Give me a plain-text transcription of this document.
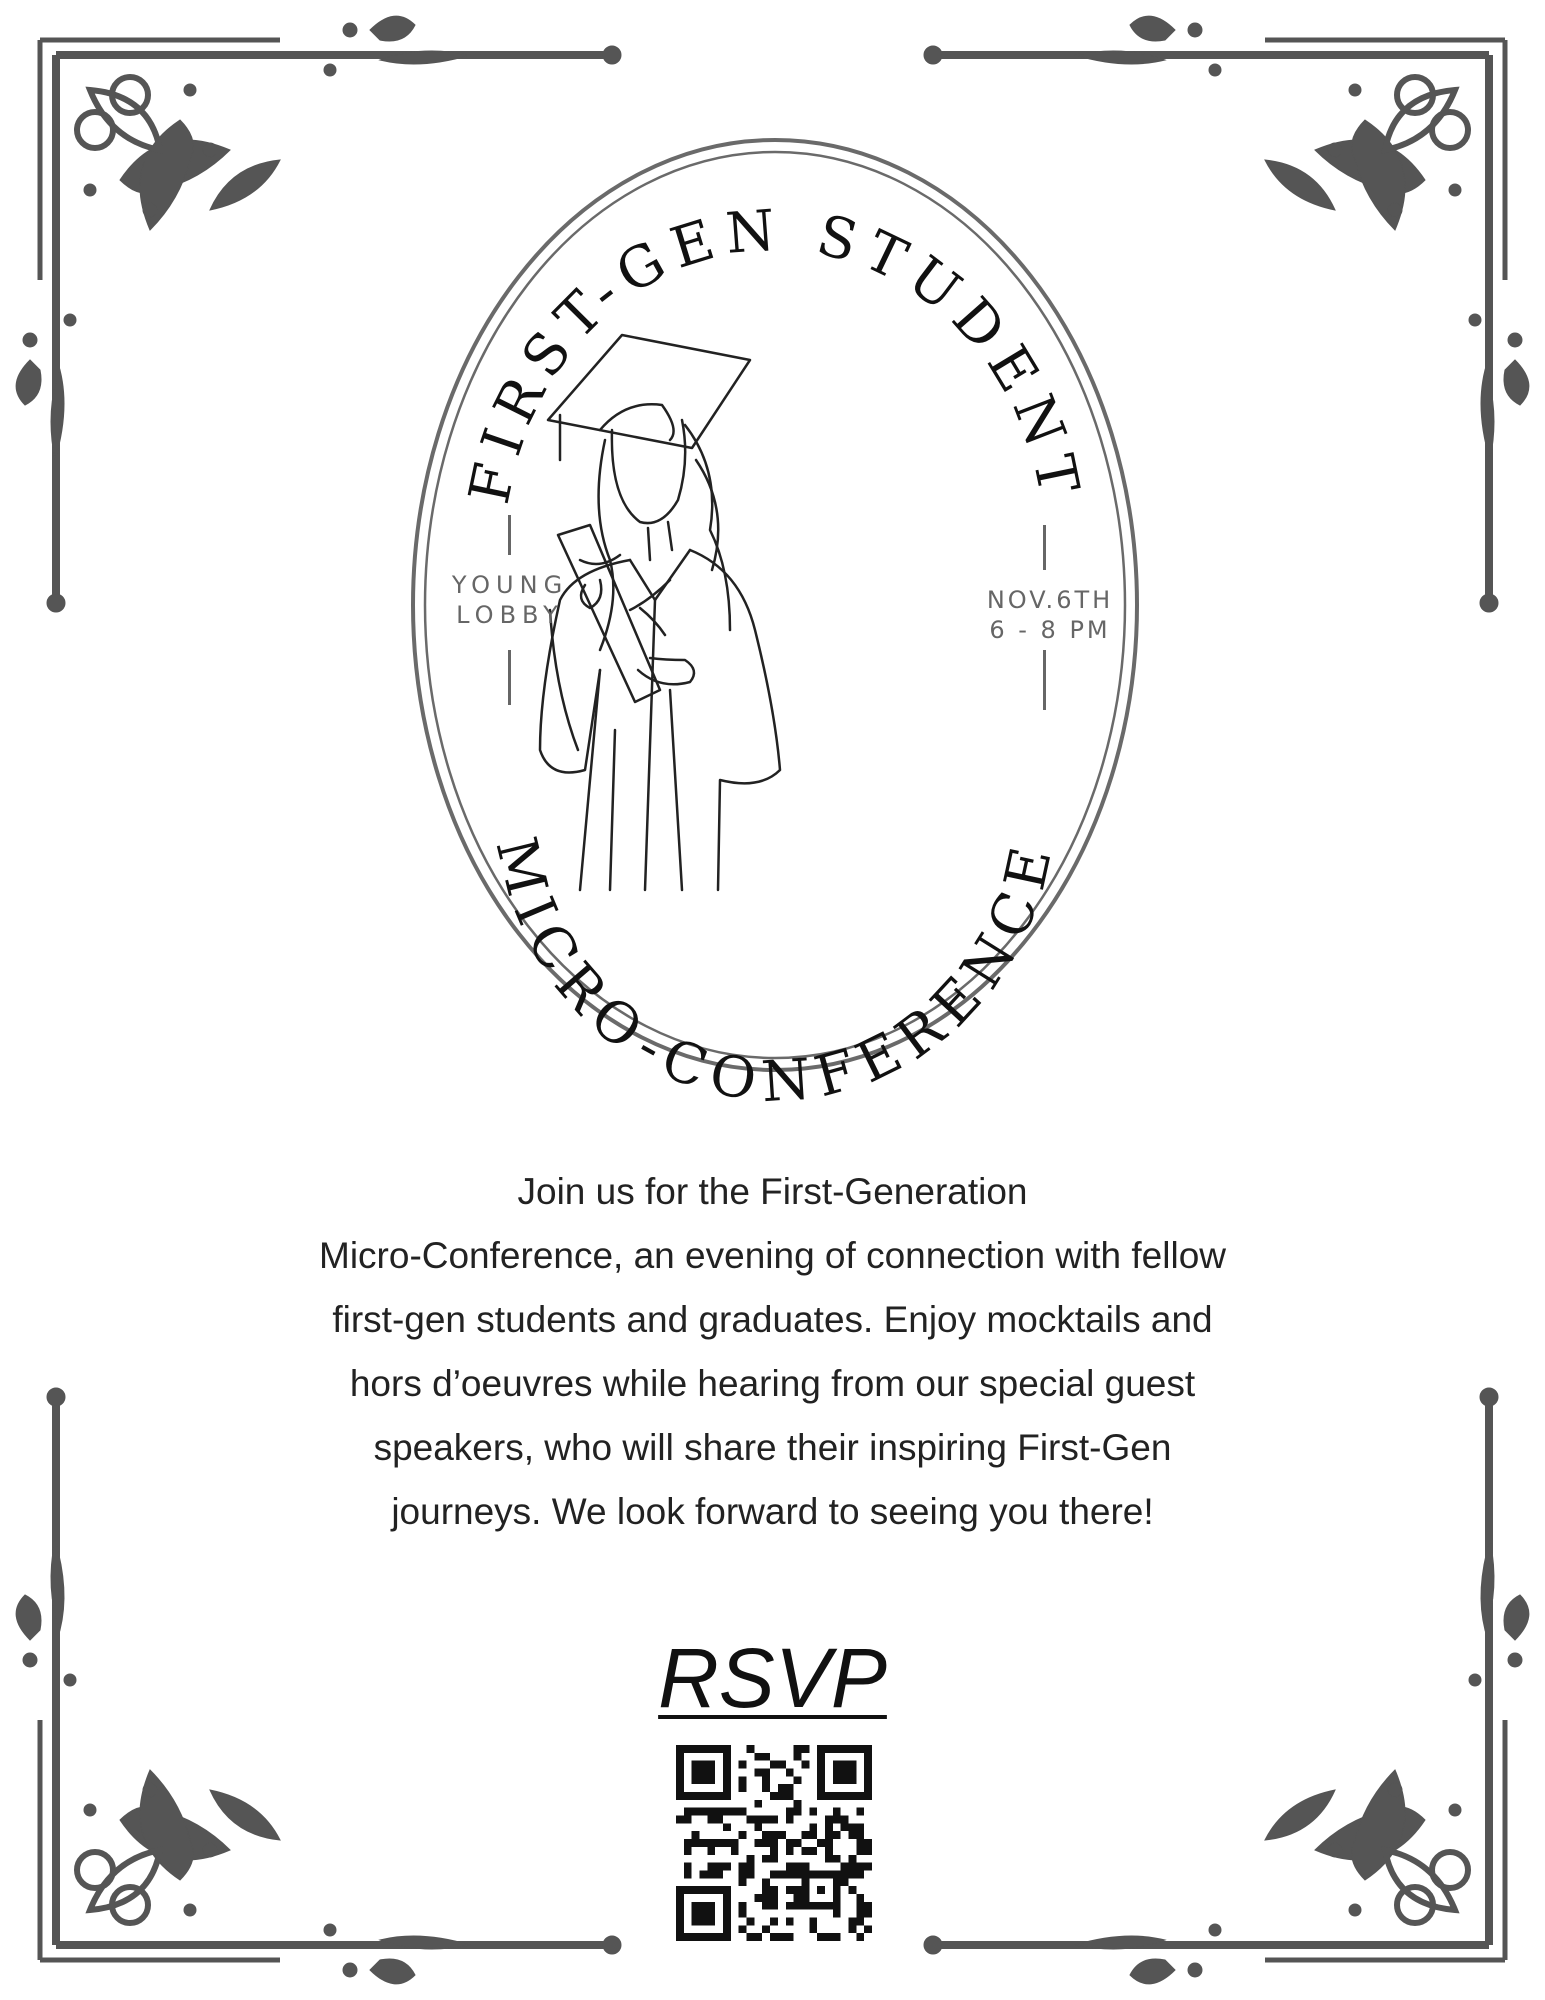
FIRST-GEN STUDENT
MICRO-CONFERENCE
YOUNG
LOBBY
NOV.6TH
6 - 8 PM

Join us for the First-Generation

Micro-Conference, an evening of connection with fellow

first-gen students and graduates. Enjoy mocktails and

hors d’oeuvres while hearing from our special guest

speakers, who will share their inspiring First-Gen

journeys. We look forward to seeing you there!

RSVP
